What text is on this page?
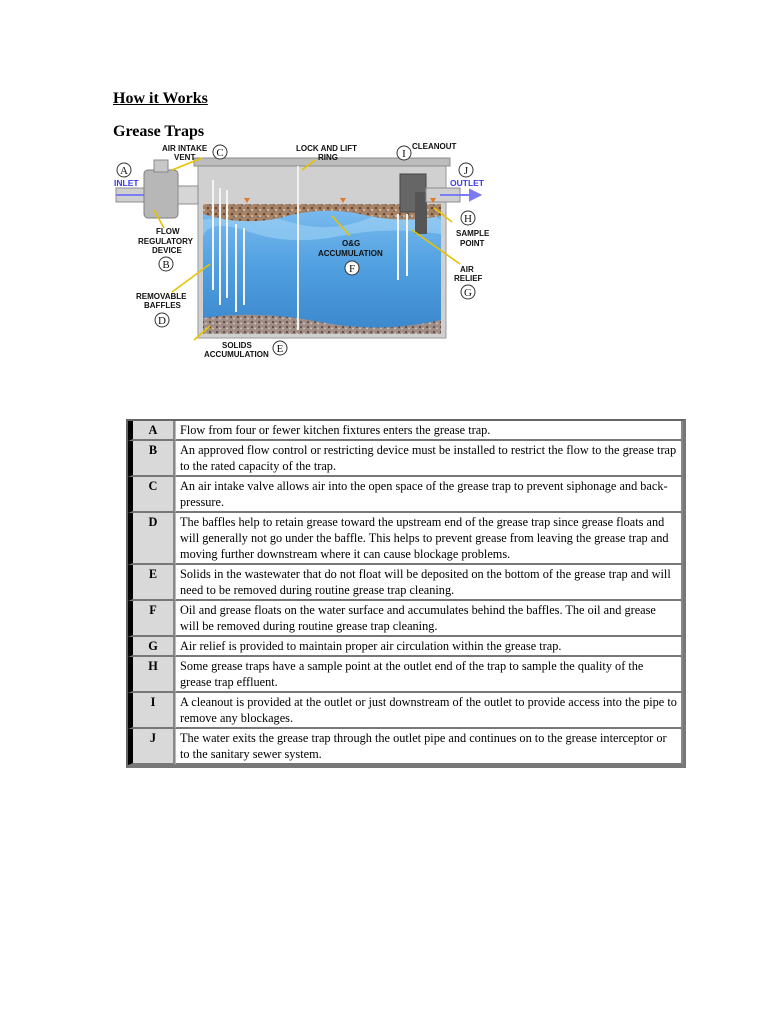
How it Works
Grease Traps
AIR INTAKE
VENT
LOCK AND LIFT
RING
CLEANOUT
INLET	OUTLET
FLOW
REGULATORY
DEVICE
O&G
ACCUMULATION
SAMPLE
POINT
AIR
RELIEF
REMOVABLE
BAFFLES
SOLIDS
ACCUMULATION
A
B
C
D
E
F
G
H
I
J
A	Flow from four or fewer kitchen fixtures enters the grease trap.
B	An approved flow control or restricting device must be installed to restrict the flow to the grease trap to the rated capacity of the trap.
C	An air intake valve allows air into the open space of the grease trap to prevent siphonage and back-pressure.
D	The baffles help to retain grease toward the upstream end of the grease trap since grease floats and will generally not go under the baffle. This helps to prevent grease from leaving the grease trap and moving further downstream where it can cause blockage problems.
E	Solids in the wastewater that do not float will be deposited on the bottom of the grease trap and will need to be removed during routine grease trap cleaning.
F	Oil and grease floats on the water surface and accumulates behind the baffles. The oil and grease will be removed during routine grease trap cleaning.
G	Air relief is provided to maintain proper air circulation within the grease trap.
H	Some grease traps have a sample point at the outlet end of the trap to sample the quality of the grease trap effluent.
I	A cleanout is provided at the outlet or just downstream of the outlet to provide access into the pipe to remove any blockages.
J	The water exits the grease trap through the outlet pipe and continues on to the grease interceptor or to the sanitary sewer system.
